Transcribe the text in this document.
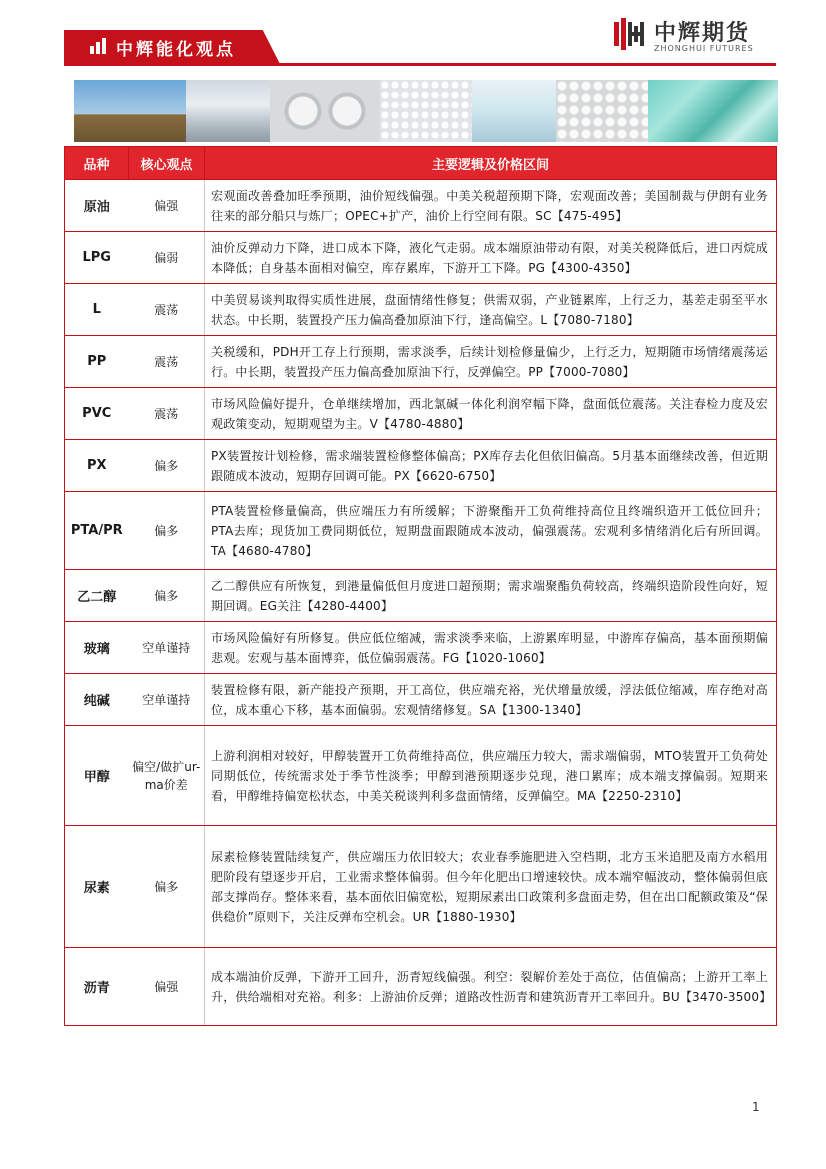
中辉能化观点
中辉期货
ZHONGHUI FUTURES
品种	核心观点	主要逻辑及价格区间
原油	偏强	宏观面改善叠加旺季预期，油价短线偏强。中美关税超预期下降，宏观面改善；美国制裁与伊朗有业务往来的部分船只与炼厂；OPEC+扩产，油价上行空间有限。SC【475-495】
LPG	偏弱	油价反弹动力下降，进口成本下降，液化气走弱。成本端原油带动有限，对美关税降低后，进口丙烷成本降低；自身基本面相对偏空，库存累库，下游开工下降。PG【4300-4350】
L	震荡	中美贸易谈判取得实质性进展，盘面情绪性修复；供需双弱，产业链累库，上行乏力，基差走弱至平水状态。中长期，装置投产压力偏高叠加原油下行，逢高偏空。L【7080-7180】
PP	震荡	关税缓和，PDH开工存上行预期，需求淡季，后续计划检修量偏少，上行乏力，短期随市场情绪震荡运行。中长期，装置投产压力偏高叠加原油下行，反弹偏空。PP【7000-7080】
PVC	震荡	市场风险偏好提升，仓单继续增加，西北氯碱一体化利润窄幅下降，盘面低位震荡。关注春检力度及宏观政策变动，短期观望为主。V【4780-4880】
PX	偏多	PX装置按计划检修，需求端装置检修整体偏高；PX库存去化但依旧偏高。5月基本面继续改善，但近期跟随成本波动，短期存回调可能。PX【6620-6750】
PTA/PR	偏多	PTA装置检修量偏高，供应端压力有所缓解；下游聚酯开工负荷维持高位且终端织造开工低位回升；PTA去库；现货加工费同期低位，短期盘面跟随成本波动，偏强震荡。宏观利多情绪消化后有所回调。TA【4680-4780】
乙二醇	偏多	乙二醇供应有所恢复，到港量偏低但月度进口超预期；需求端聚酯负荷较高，终端织造阶段性向好，短期回调。EG关注【4280-4400】
玻璃	空单谨持	市场风险偏好有所修复。供应低位缩减，需求淡季来临，上游累库明显，中游库存偏高，基本面预期偏悲观。宏观与基本面博弈，低位偏弱震荡。FG【1020-1060】
纯碱	空单谨持	装置检修有限，新产能投产预期，开工高位，供应端充裕，光伏增量放缓，浮法低位缩减，库存绝对高位，成本重心下移，基本面偏弱。宏观情绪修复。SA【1300-1340】
甲醇	偏空/做扩ur-ma价差	上游利润相对较好，甲醇装置开工负荷维持高位，供应端压力较大，需求端偏弱，MTO装置开工负荷处同期低位，传统需求处于季节性淡季；甲醇到港预期逐步兑现，港口累库；成本端支撑偏弱。短期来看，甲醇维持偏宽松状态，中美关税谈判利多盘面情绪，反弹偏空。MA【2250-2310】
尿素	偏多	尿素检修装置陆续复产，供应端压力依旧较大；农业春季施肥进入空档期，北方玉米追肥及南方水稻用肥阶段有望逐步开启，工业需求整体偏弱。但今年化肥出口增速较快。成本端窄幅波动，整体偏弱但底部支撑尚存。整体来看，基本面依旧偏宽松，短期尿素出口政策利多盘面走势，但在出口配额政策及“保供稳价”原则下，关注反弹布空机会。UR【1880-1930】
沥青	偏强	成本端油价反弹，下游开工回升，沥青短线偏强。利空：裂解价差处于高位，估值偏高；上游开工率上升，供给端相对充裕。利多：上游油价反弹；道路改性沥青和建筑沥青开工率回升。BU【3470-3500】
1
